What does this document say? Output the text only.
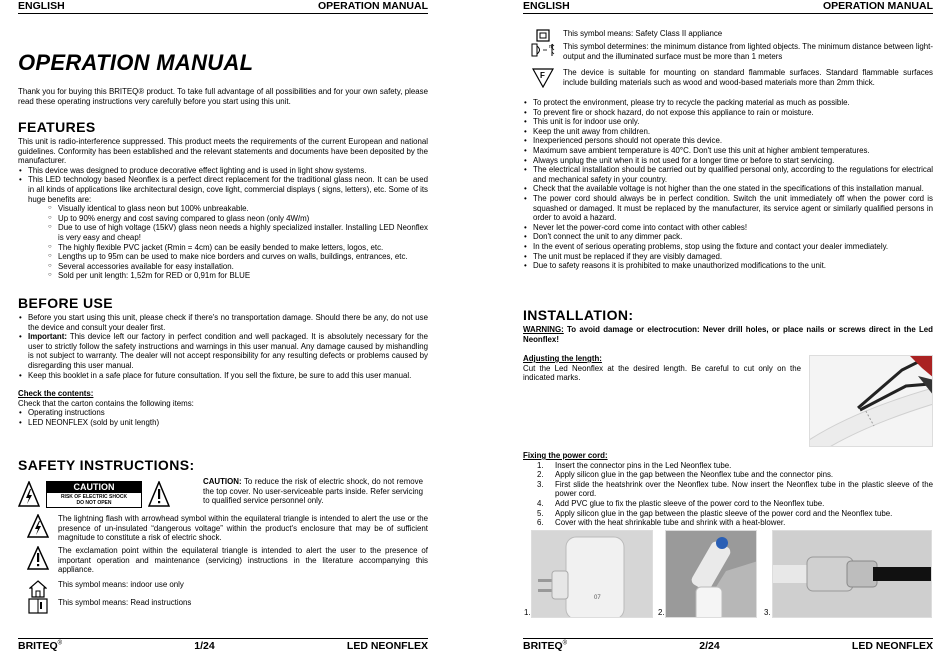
ENGLISH	OPERATION MANUAL
OPERATION MANUAL
Thank you for buying this BRITEQ® product. To take full advantage of all possibilities and for your own safety, please read these operating instructions very carefully before you start using this unit.
FEATURES

This unit is radio-interference suppressed. This product meets the requirements of the current European and national guidelines. Conformity has been established and the relevant statements and documents have been deposited by the manufacturer.

• This device was designed to produce decorative effect lighting and is used in light show systems.
• This LED technology based Neonflex is a perfect direct replacement for the traditional glass neon. It can be used in all kinds of applications like architectural design, cove light, commercial displays ( signs, letters), etc. Some of its huge benefits are:
○ Visually identical to glass neon but 100% unbreakable.
○ Up to 90% energy and cost saving compared to glass neon (only 4W/m)
○ Due to use of high voltage (15kV) glass neon needs a highly specialized installer. Installing LED Neonflex is very easy and cheap!
○ The highly flexible PVC jacket (Rmin = 4cm) can be easily bended to make letters, logos, etc.
○ Lengths up to 95m can be used to make nice borders and curves on walls, buildings, entrances, etc.
○ Several accessories available for easy installation.
○ Sold per unit length: 1,52m for RED or 0,91m for BLUE
BEFORE USE
• Before you start using this unit, please check if there's no transportation damage. Should there be any, do not use the device and consult your dealer first.
• Important: This device left our factory in perfect condition and well packaged. It is absolutely necessary for the user to strictly follow the safety instructions and warnings in this user manual. Any damage caused by mishandling is not subject to warranty. The dealer will not accept responsibility for any resulting defects or problems caused by disregarding this user manual.
• Keep this booklet in a safe place for future consultation. If you sell the fixture, be sure to add this user manual.

Check the contents:

Check that the carton contains the following items:

• Operating instructions
• LED NEONFLEX (sold by unit length)
SAFETY INSTRUCTIONS:
CAUTION
RISK OF ELECTRIC SHOCK
DO NOT OPEN
CAUTION: To reduce the risk of electric shock, do not remove the top cover. No user-serviceable parts inside. Refer servicing to qualified service personnel only.
The lightning flash with arrowhead symbol within the equilateral triangle is intended to alert the use or the presence of un-insulated “dangerous voltage” within the product's enclosure that may be of sufficient magnitude to constitute a risk of electric shock.
The exclamation point within the equilateral triangle is intended to alert the user to the presence of important operation and maintenance (servicing) instructions in the literature accompanying this appliance.
This symbol means: indoor use only
This symbol means: Read instructions
BRITEQ®	1/24	LED NEONFLEX
ENGLISH	OPERATION MANUAL
This symbol means: Safety Class II appliance
m This symbol determines: the minimum distance from lighted objects. The minimum distance between light-output and the illuminated surface must be more than 1 meters
F The device is suitable for mounting on standard flammable surfaces. Standard flammable surfaces include building materials such as wood and wood-based materials more than 2mm thick.
• To protect the environment, please try to recycle the packing material as much as possible.
• To prevent fire or shock hazard, do not expose this appliance to rain or moisture.
• This unit is for indoor use only.
• Keep the unit away from children.
• Inexperienced persons should not operate this device.
• Maximum save ambient temperature is 40°C. Don't use this unit at higher ambient temperatures.
• Always unplug the unit when it is not used for a longer time or before to start servicing.
• The electrical installation should be carried out by qualified personal only, according to the regulations for electrical and mechanical safety in your country.
• Check that the available voltage is not higher than the one stated in the specifications of this installation manual.
• The power cord should always be in perfect condition. Switch the unit immediately off when the power cord is squashed or damaged. It must be replaced by the manufacturer, its service agent or similarly qualified persons in order to avoid a hazard.
• Never let the power-cord come into contact with other cables!
• Don't connect the unit to any dimmer pack.
• In the event of serious operating problems, stop using the fixture and contact your dealer immediately.
• The unit must be replaced if they are visibly damaged.
• Due to safety reasons it is prohibited to make unauthorized modifications to the unit.
INSTALLATION:
WARNING: To avoid damage or electrocution: Never drill holes, or place nails or screws direct in the Led Neonflex!

Adjusting the length:

Cut the Led Neonflex at the desired length. Be careful to cut only on the indicated marks.

Fixing the power cord:

1. Insert the connector pins in the Led Neonflex tube.
2. Apply silicon glue in the gap between the Neonflex tube and the connector pins.
3. First slide the heatshrink over the Neonflex tube. Now insert the Neonflex tube in the plastic sleeve of the power cord.
4. Add PVC glue to fix the plastic sleeve of the power cord to the Neonflex tube.
5. Apply silicon glue in the gap between the plastic sleeve of the power cord and the Neonflex tube.
6. Cover with the heat shrinkable tube and shrink with a heat-blower.
07
1.	2.	3.
BRITEQ®	2/24	LED NEONFLEX
